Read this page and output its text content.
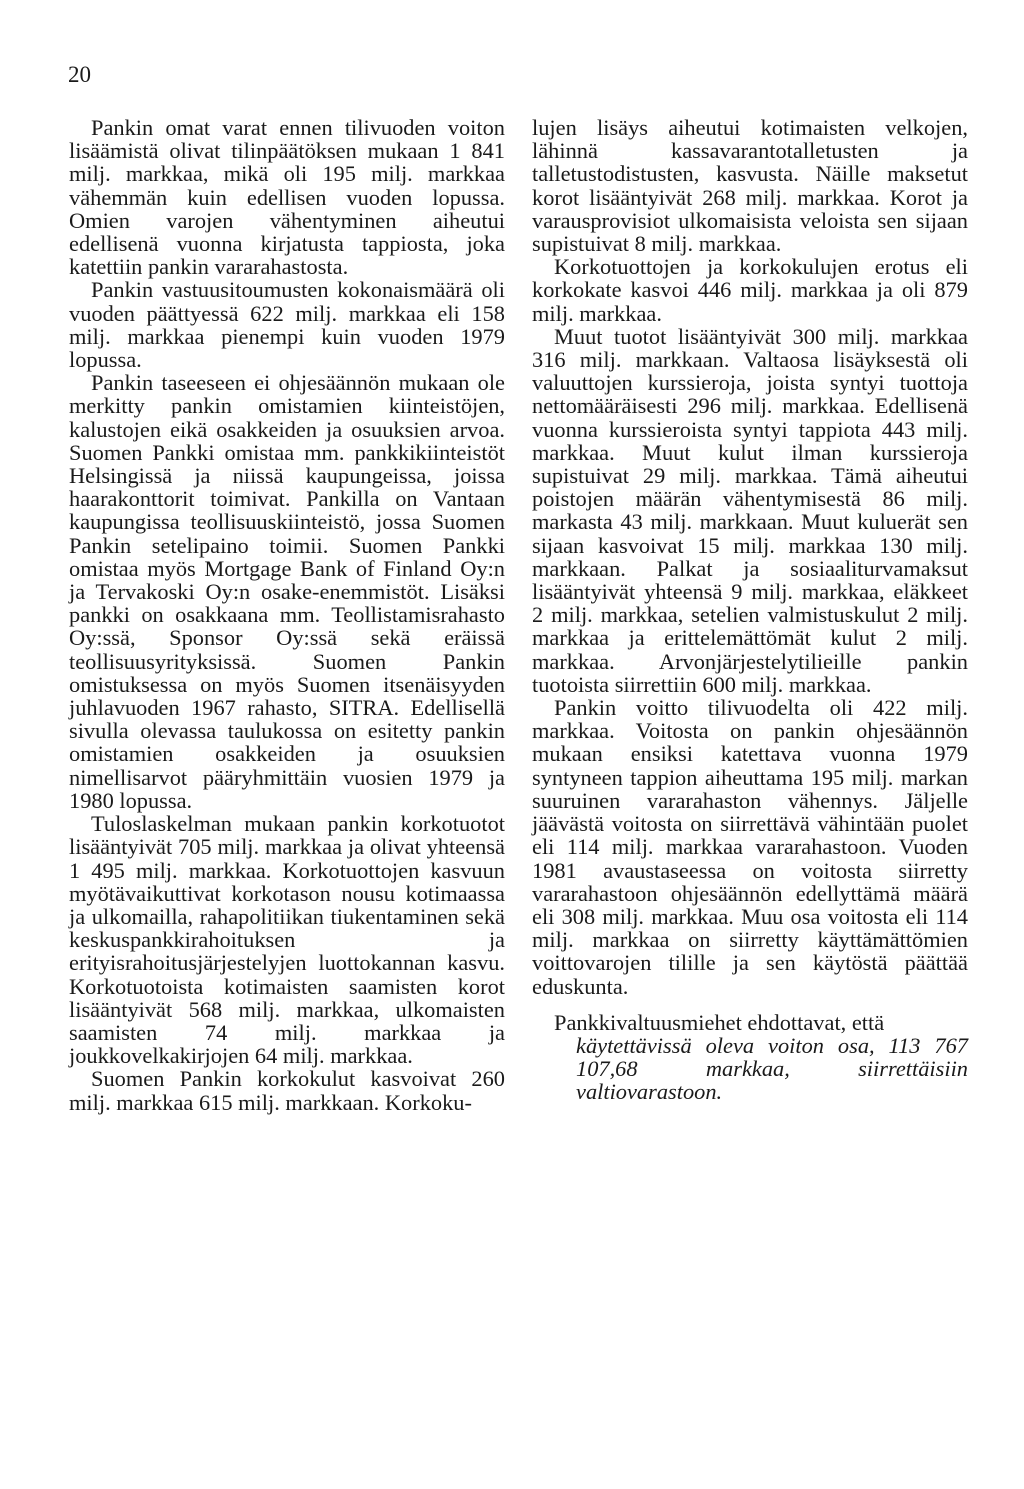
20

Pankin omat varat ennen tilivuoden voiton lisäämistä olivat tilinpäätöksen mukaan 1 841 milj. markkaa, mikä oli 195 milj. markkaa vähemmän kuin edellisen vuoden lopussa. Omien varojen vähentyminen aiheutui edellisenä vuonna kirjatusta tappiosta, joka katettiin pankin vararahastosta.

Pankin vastuusitoumusten kokonaismäärä oli vuoden päättyessä 622 milj. markkaa eli 158 milj. markkaa pienempi kuin vuoden 1979 lopussa.

Pankin taseeseen ei ohjesäännön mukaan ole merkitty pankin omistamien kiinteistöjen, kalustojen eikä osakkeiden ja osuuksien arvoa. Suomen Pankki omistaa mm. pankkikiinteistöt Helsingissä ja niissä kaupungeissa, joissa haarakonttorit toimivat. Pankilla on Vantaan kaupungissa teollisuuskiinteistö, jossa Suomen Pankin setelipaino toimii. Suomen Pankki omistaa myös Mortgage Bank of Finland Oy:n ja Tervakoski Oy:n osake-enemmistöt. Lisäksi pankki on osakkaana mm. Teollistamisrahasto Oy:ssä, Sponsor Oy:ssä sekä eräissä teollisuusyrityksissä. Suomen Pankin omistuksessa on myös Suomen itsenäisyyden juhlavuoden 1967 rahasto, SITRA. Edellisellä sivulla olevassa taulukossa on esitetty pankin omistamien osakkeiden ja osuuksien nimellisarvot pääryhmittäin vuosien 1979 ja 1980 lopussa.

Tuloslaskelman mukaan pankin korkotuotot lisääntyivät 705 milj. markkaa ja olivat yhteensä 1 495 milj. markkaa. Korkotuottojen kasvuun myötävaikuttivat korkotason nousu kotimaassa ja ulkomailla, rahapolitiikan tiukentaminen sekä keskuspankkirahoituksen ja erityisrahoitusjärjestelyjen luottokannan kasvu. Korkotuotoista kotimaisten saamisten korot lisääntyivät 568 milj. markkaa, ulkomaisten saamisten 74 milj. markkaa ja joukkovelkakirjojen 64 milj. markkaa.

Suomen Pankin korkokulut kasvoivat 260 milj. markkaa 615 milj. markkaan. Korkoku-

lujen lisäys aiheutui kotimaisten velkojen, lähinnä kassavarantotalletusten ja talletustodistusten, kasvusta. Näille maksetut korot lisääntyivät 268 milj. markkaa. Korot ja varausprovisiot ulkomaisista veloista sen sijaan supistuivat 8 milj. markkaa.

Korkotuottojen ja korkokulujen erotus eli korkokate kasvoi 446 milj. markkaa ja oli 879 milj. markkaa.

Muut tuotot lisääntyivät 300 milj. markkaa 316 milj. markkaan. Valtaosa lisäyksestä oli valuuttojen kurssieroja, joista syntyi tuottoja nettomääräisesti 296 milj. markkaa. Edellisenä vuonna kurssieroista syntyi tappiota 443 milj. markkaa. Muut kulut ilman kurssieroja supistuivat 29 milj. markkaa. Tämä aiheutui poistojen määrän vähentymisestä 86 milj. markasta 43 milj. markkaan. Muut kuluerät sen sijaan kasvoivat 15 milj. markkaa 130 milj. markkaan. Palkat ja sosiaaliturvamaksut lisääntyivät yhteensä 9 milj. markkaa, eläkkeet 2 milj. markkaa, setelien valmistuskulut 2 milj. markkaa ja erittelemättömät kulut 2 milj. markkaa. Arvonjärjestelytilieille pankin tuotoista siirrettiin 600 milj. markkaa.

Pankin voitto tilivuodelta oli 422 milj. markkaa. Voitosta on pankin ohjesäännön mukaan ensiksi katettava vuonna 1979 syntyneen tappion aiheuttama 195 milj. markan suuruinen vararahaston vähennys. Jäljelle jäävästä voitosta on siirrettävä vähintään puolet eli 114 milj. markkaa vararahastoon. Vuoden 1981 avaustaseessa on voitosta siirretty vararahastoon ohjesäännön edellyttämä määrä eli 308 milj. markkaa. Muu osa voitosta eli 114 milj. markkaa on siirretty käyttämättömien voittovarojen tilille ja sen käytöstä päättää eduskunta.

Pankkivaltuusmiehet ehdottavat, että

käytettävissä oleva voiton osa, 113 767 107,68 markkaa, siirrettäisiin valtiovarastoon.
